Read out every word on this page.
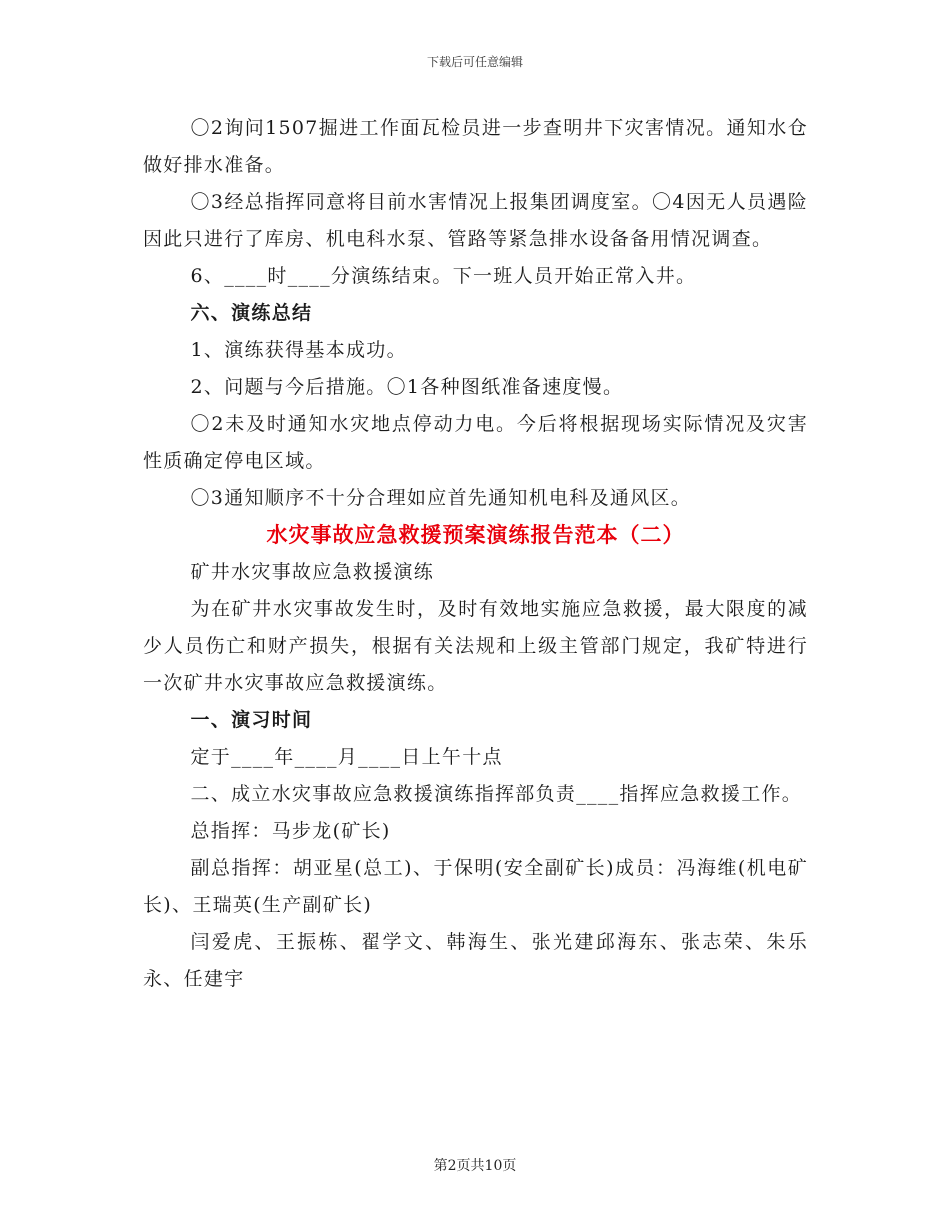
下载后可任意编辑

〇2询问1507掘进工作面瓦检员进一步查明井下灾害情况。通知水仓做好排水准备。

〇3经总指挥同意将目前水害情况上报集团调度室。〇4因无人员遇险因此只进行了库房、机电科水泵、管路等紧急排水设备备用情况调查。

6、____时____分演练结束。下一班人员开始正常入井。

六、演练总结

1、演练获得基本成功。

2、问题与今后措施。〇1各种图纸准备速度慢。

〇2未及时通知水灾地点停动力电。今后将根据现场实际情况及灾害性质确定停电区域。

〇3通知顺序不十分合理如应首先通知机电科及通风区。

水灾事故应急救援预案演练报告范本（二）

矿井水灾事故应急救援演练

为在矿井水灾事故发生时，及时有效地实施应急救援，最大限度的减少人员伤亡和财产损失，根据有关法规和上级主管部门规定，我矿特进行一次矿井水灾事故应急救援演练。

一、演习时间

定于____年____月____日上午十点

二、成立水灾事故应急救援演练指挥部负责____指挥应急救援工作。

总指挥：马步龙(矿长)

副总指挥：胡亚星(总工)、于保明(安全副矿长)成员：冯海维(机电矿长)、王瑞英(生产副矿长)

闫爱虎、王振栋、翟学文、韩海生、张光建邱海东、张志荣、朱乐永、任建宇

第2页共10页
